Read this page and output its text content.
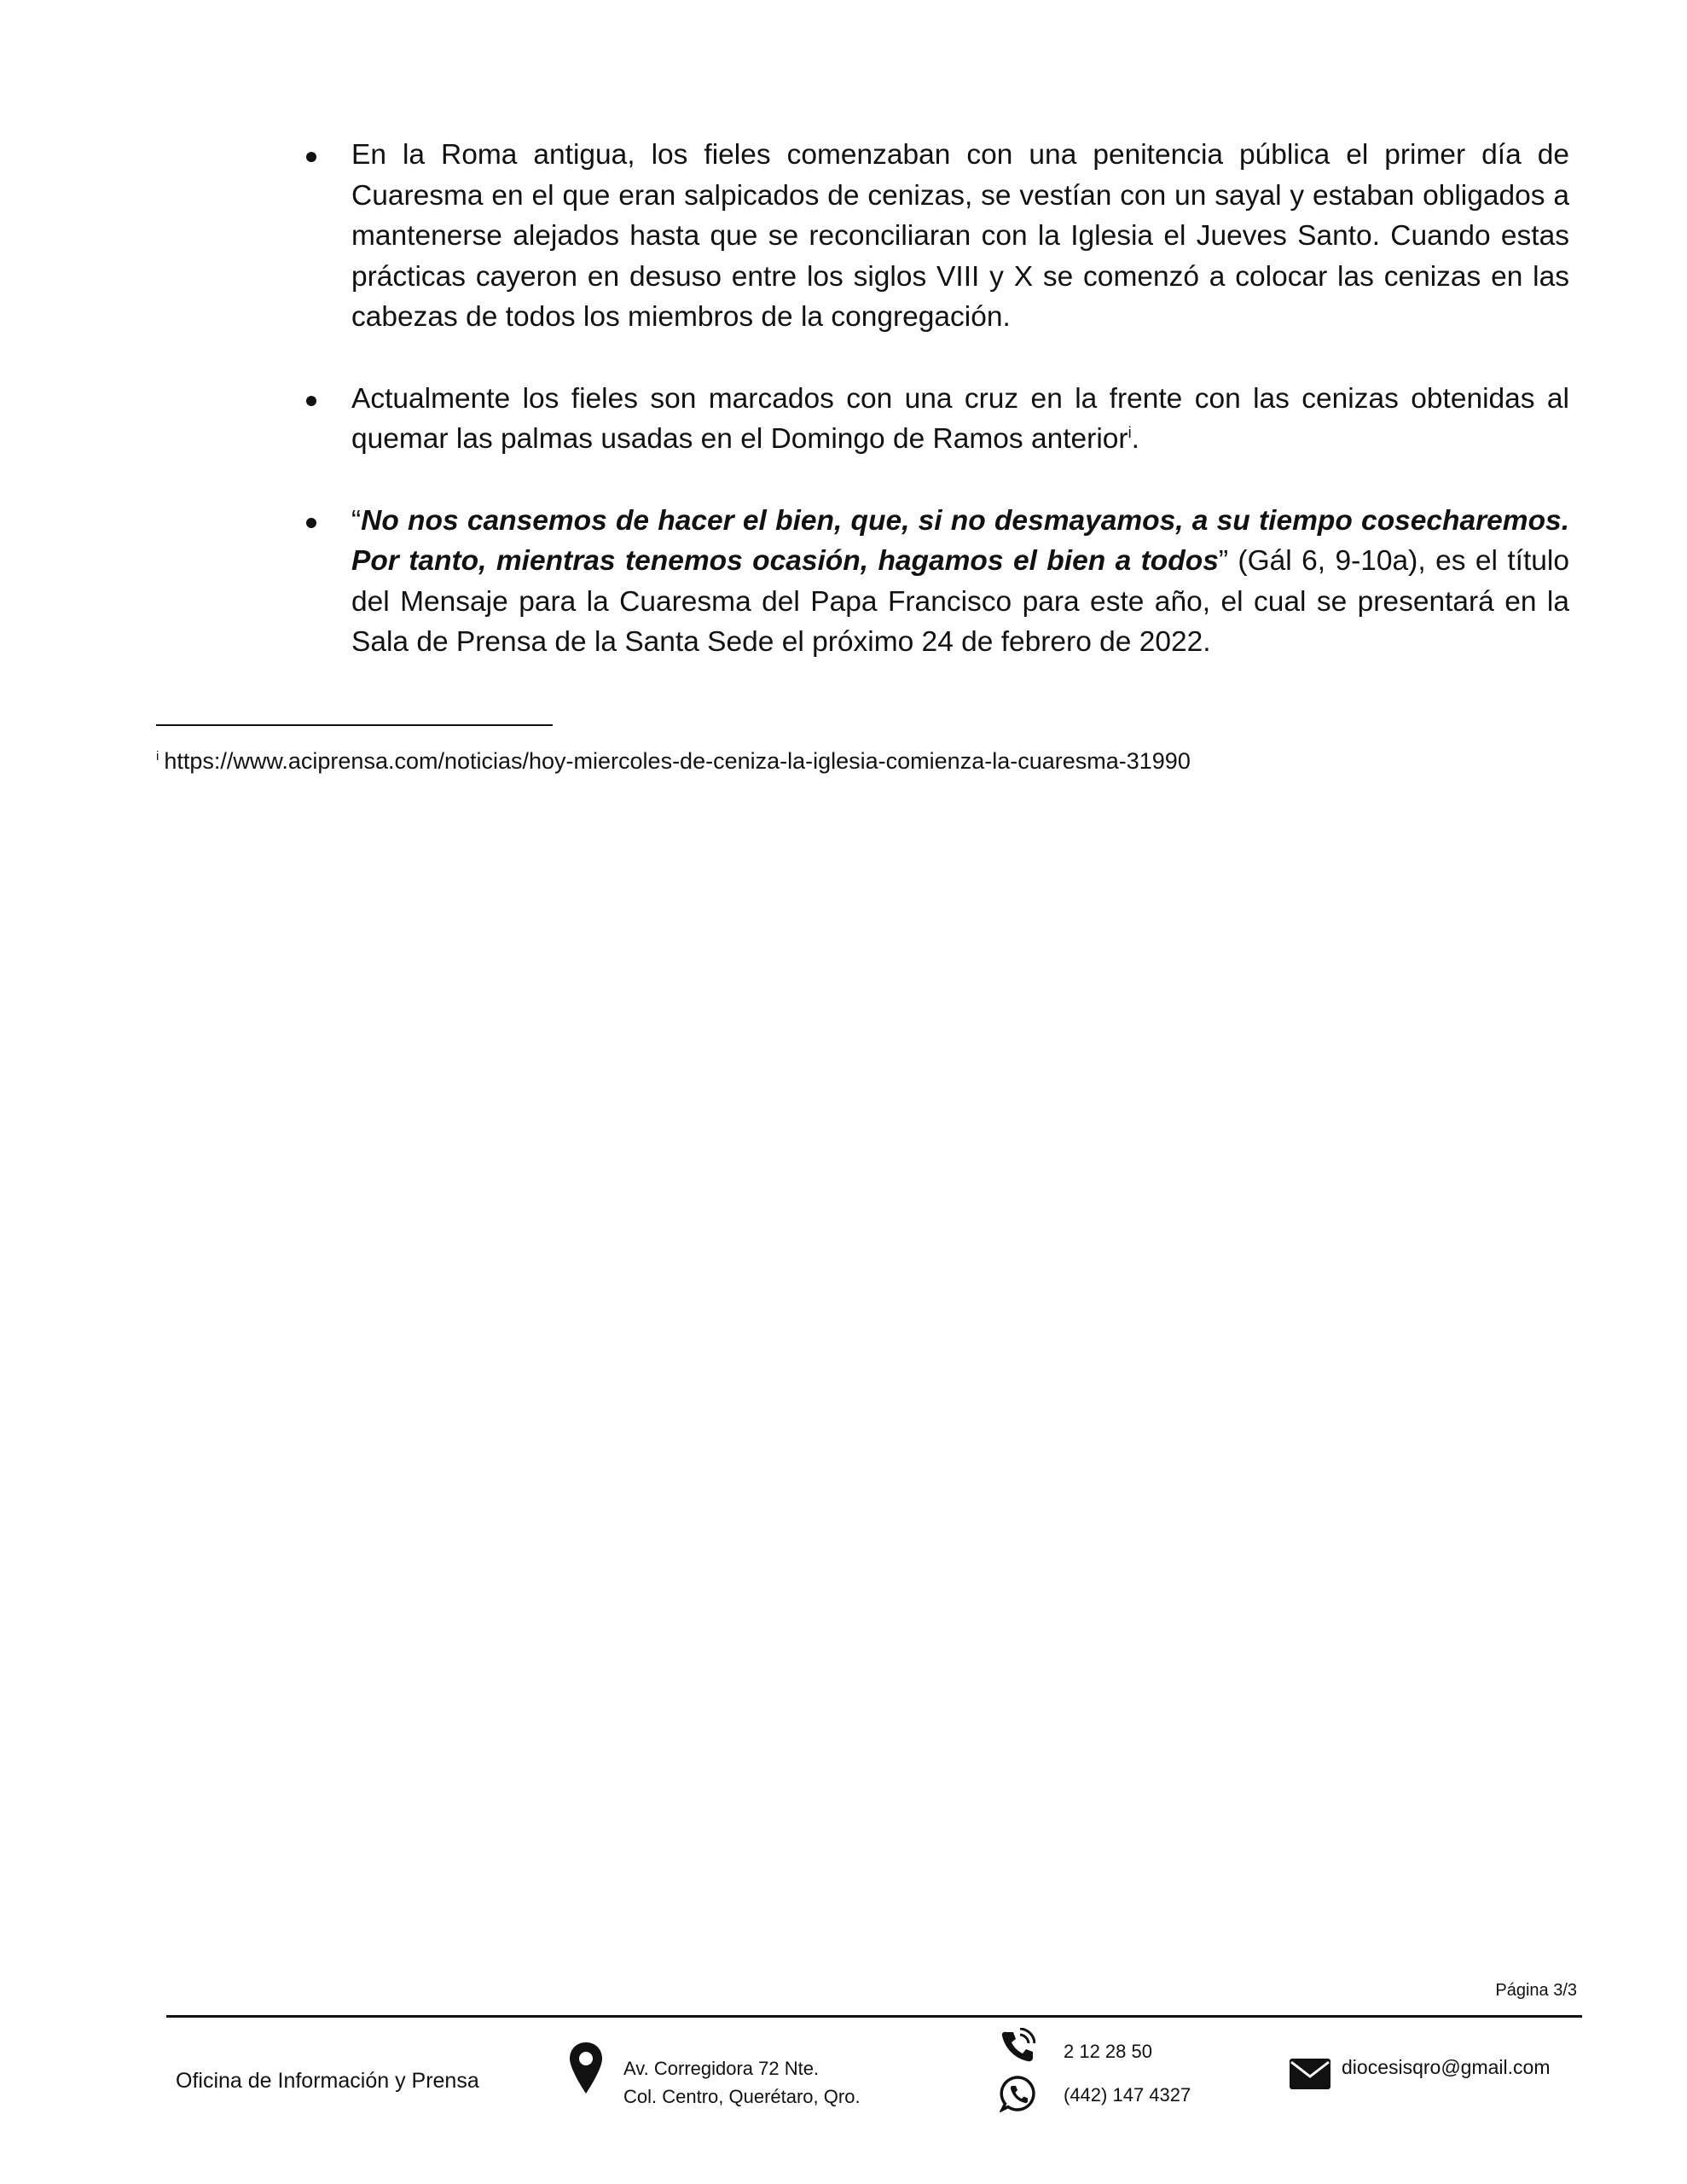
En la Roma antigua, los fieles comenzaban con una penitencia pública el primer día de Cuaresma en el que eran salpicados de cenizas, se vestían con un sayal y estaban obligados a mantenerse alejados hasta que se reconciliaran con la Iglesia el Jueves Santo. Cuando estas prácticas cayeron en desuso entre los siglos VIII y X se comenzó a colocar las cenizas en las cabezas de todos los miembros de la congregación.
Actualmente los fieles son marcados con una cruz en la frente con las cenizas obtenidas al quemar las palmas usadas en el Domingo de Ramos anterior$^i$.
“No nos cansemos de hacer el bien, que, si no desmayamos, a su tiempo cosecharemos. Por tanto, mientras tenemos ocasión, hagamos el bien a todos” (Gál 6, 9-10a), es el título del Mensaje para la Cuaresma del Papa Francisco para este año, el cual se presentará en la Sala de Prensa de la Santa Sede el próximo 24 de febrero de 2022.
$^i$ https://www.aciprensa.com/noticias/hoy-miercoles-de-ceniza-la-iglesia-comienza-la-cuaresma-31990
Página 3/3
Oficina de Información y Prensa
Av. Corregidora 72 Nte.
Col. Centro, Querétaro, Qro.
2 12 28 50
(442) 147 4327
diocesisqro@gmail.com
